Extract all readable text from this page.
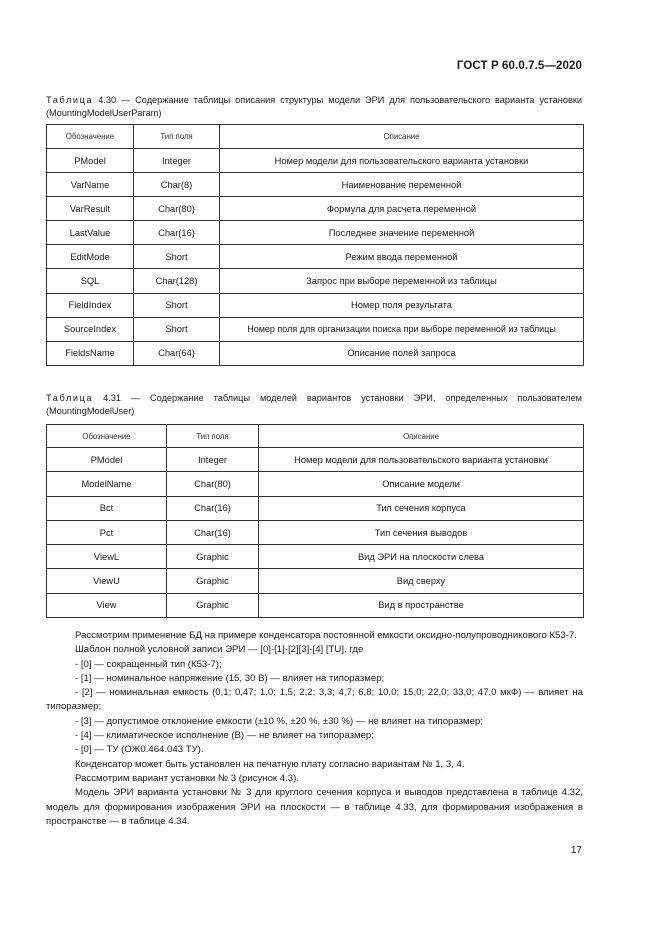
ГОСТ Р 60.0.7.5—2020
Таблица 4.30 — Содержание таблицы описания структуры модели ЭРИ для пользовательского варианта установки (MountingModelUserParam)
Обозначение	Тип поля	Описание
PModel	Integer	Номер модели для пользовательского варианта установки
VarName	Char(8)	Наименование переменной
VarResult	Char(80)	Формула для расчета переменной
LastValue	Char(16)	Последнее значение переменной
EditMode	Short	Режим ввода переменной
SQL	Char(128)	Запрос при выборе переменной из таблицы
FieldIndex	Short	Номер поля результата
SourceIndex	Short	Номер поля для организации поиска при выборе переменной из таблицы
FieldsName	Char(64)	Описание полей запроса
Таблица 4.31 — Содержание таблицы моделей вариантов установки ЭРИ, определенных пользователем (MountingModelUser)
Обозначение	Тип поля	Описание
PModel	Integer	Номер модели для пользовательского варианта установки
ModelName	Char(80)	Описание модели
Bct	Char(16)	Тип сечения корпуса
Pct	Char(16)	Тип сечения выводов
ViewL	Graphic	Вид ЭРИ на плоскости слева
ViewU	Graphic	Вид сверху
View	Graphic	Вид в пространстве

Рассмотрим применение БД на примере конденсатора постоянной емкости оксидно-полупроводникового К53-7.

Шаблон полной условной записи ЭРИ — [0]-[1]-[2][3]-[4] [TU], где

- [0] — сокращенный тип (К53-7);

- [1] — номинальное напряжение (15, 30 В) — влияет на типоразмер;

- [2] — номинальная емкость (0,1; 0,47; 1,0; 1,5; 2,2; 3,3; 4,7; 6,8; 10,0; 15,0; 22,0; 33,0; 47,0 мкФ) — влияет на типоразмер;

- [3] — допустимое отклонение емкости (±10 %, ±20 %, ±30 %) — не влияет на типоразмер;

- [4] — климатическое исполнение (В) — не влияет на типоразмер;

- [0] — ТУ (ОЖ0.464.043 ТУ).

Конденсатор может быть установлен на печатную плату согласно вариантам № 1, 3, 4.

Рассмотрим вариант установки № 3 (рисунок 4.3).

Модель ЭРИ варианта установки № 3 для круглого сечения корпуса и выводов представлена в таблице 4.32, модель для формирования изображения ЭРИ на плоскости — в таблице 4.33, для формирования изображения в пространстве — в таблице 4.34.

17
